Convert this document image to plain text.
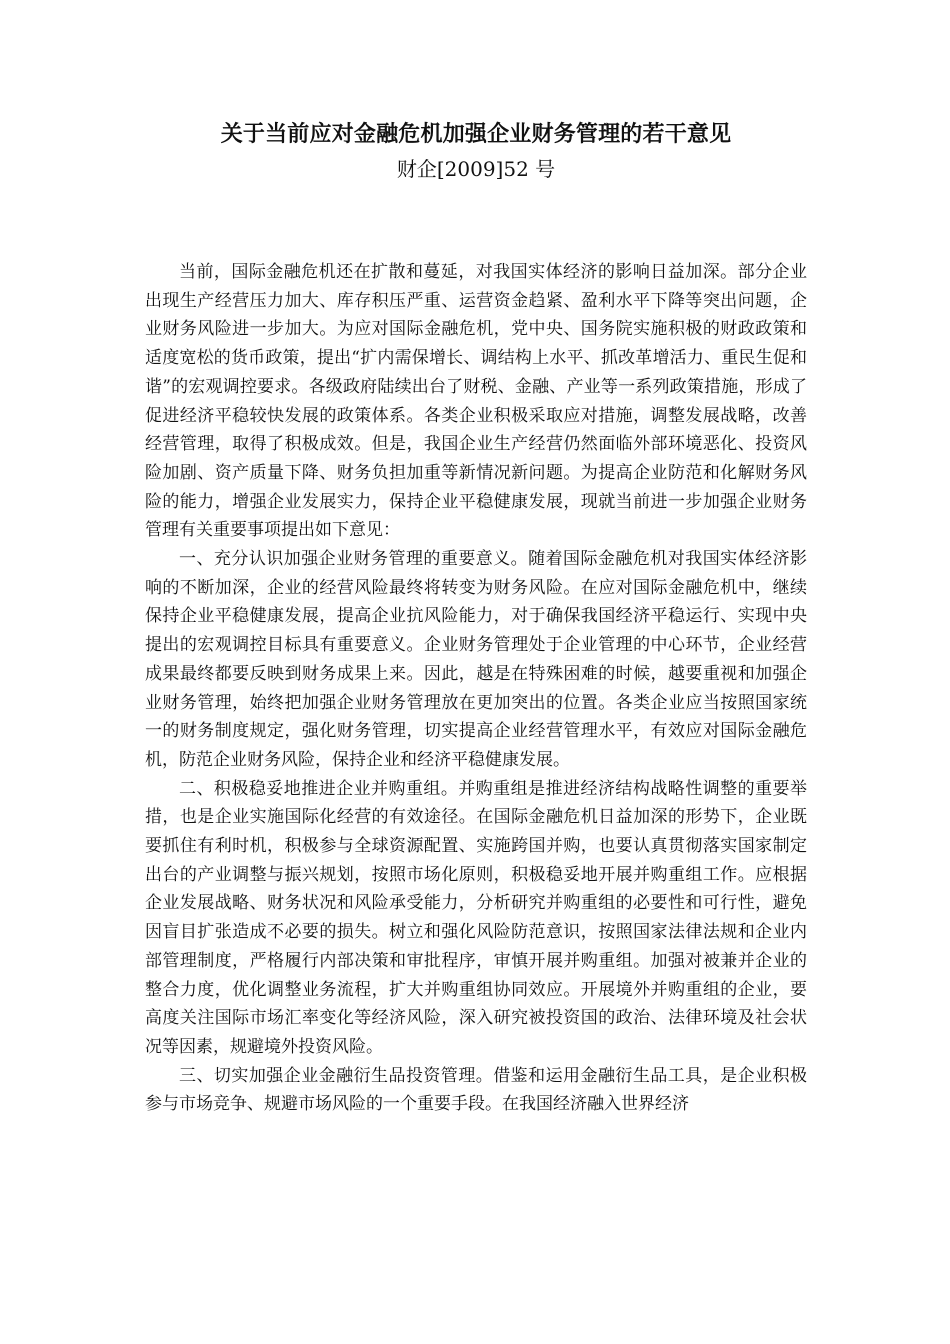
关于当前应对金融危机加强企业财务管理的若干意见
财企[2009]52 号

当前，国际金融危机还在扩散和蔓延，对我国实体经济的影响日益加深。部分企业出现生产经营压力加大、库存积压严重、运营资金趋紧、盈利水平下降等突出问题，企业财务风险进一步加大。为应对国际金融危机，党中央、国务院实施积极的财政政策和适度宽松的货币政策，提出“扩内需保增长、调结构上水平、抓改革增活力、重民生促和谐”的宏观调控要求。各级政府陆续出台了财税、金融、产业等一系列政策措施，形成了促进经济平稳较快发展的政策体系。各类企业积极采取应对措施，调整发展战略，改善经营管理，取得了积极成效。但是，我国企业生产经营仍然面临外部环境恶化、投资风险加剧、资产质量下降、财务负担加重等新情况新问题。为提高企业防范和化解财务风险的能力，增强企业发展实力，保持企业平稳健康发展，现就当前进一步加强企业财务管理有关重要事项提出如下意见：

一、充分认识加强企业财务管理的重要意义。随着国际金融危机对我国实体经济影响的不断加深，企业的经营风险最终将转变为财务风险。在应对国际金融危机中，继续保持企业平稳健康发展，提高企业抗风险能力，对于确保我国经济平稳运行、实现中央提出的宏观调控目标具有重要意义。企业财务管理处于企业管理的中心环节，企业经营成果最终都要反映到财务成果上来。因此，越是在特殊困难的时候，越要重视和加强企业财务管理，始终把加强企业财务管理放在更加突出的位置。各类企业应当按照国家统一的财务制度规定，强化财务管理，切实提高企业经营管理水平，有效应对国际金融危机，防范企业财务风险，保持企业和经济平稳健康发展。

二、积极稳妥地推进企业并购重组。并购重组是推进经济结构战略性调整的重要举措，也是企业实施国际化经营的有效途径。在国际金融危机日益加深的形势下，企业既要抓住有利时机，积极参与全球资源配置、实施跨国并购，也要认真贯彻落实国家制定出台的产业调整与振兴规划，按照市场化原则，积极稳妥地开展并购重组工作。应根据企业发展战略、财务状况和风险承受能力，分析研究并购重组的必要性和可行性，避免因盲目扩张造成不必要的损失。树立和强化风险防范意识，按照国家法律法规和企业内部管理制度，严格履行内部决策和审批程序，审慎开展并购重组。加强对被兼并企业的整合力度，优化调整业务流程，扩大并购重组协同效应。开展境外并购重组的企业，要高度关注国际市场汇率变化等经济风险，深入研究被投资国的政治、法律环境及社会状况等因素，规避境外投资风险。

三、切实加强企业金融衍生品投资管理。借鉴和运用金融衍生品工具，是企业积极参与市场竞争、规避市场风险的一个重要手段。在我国经济融入世界经济
